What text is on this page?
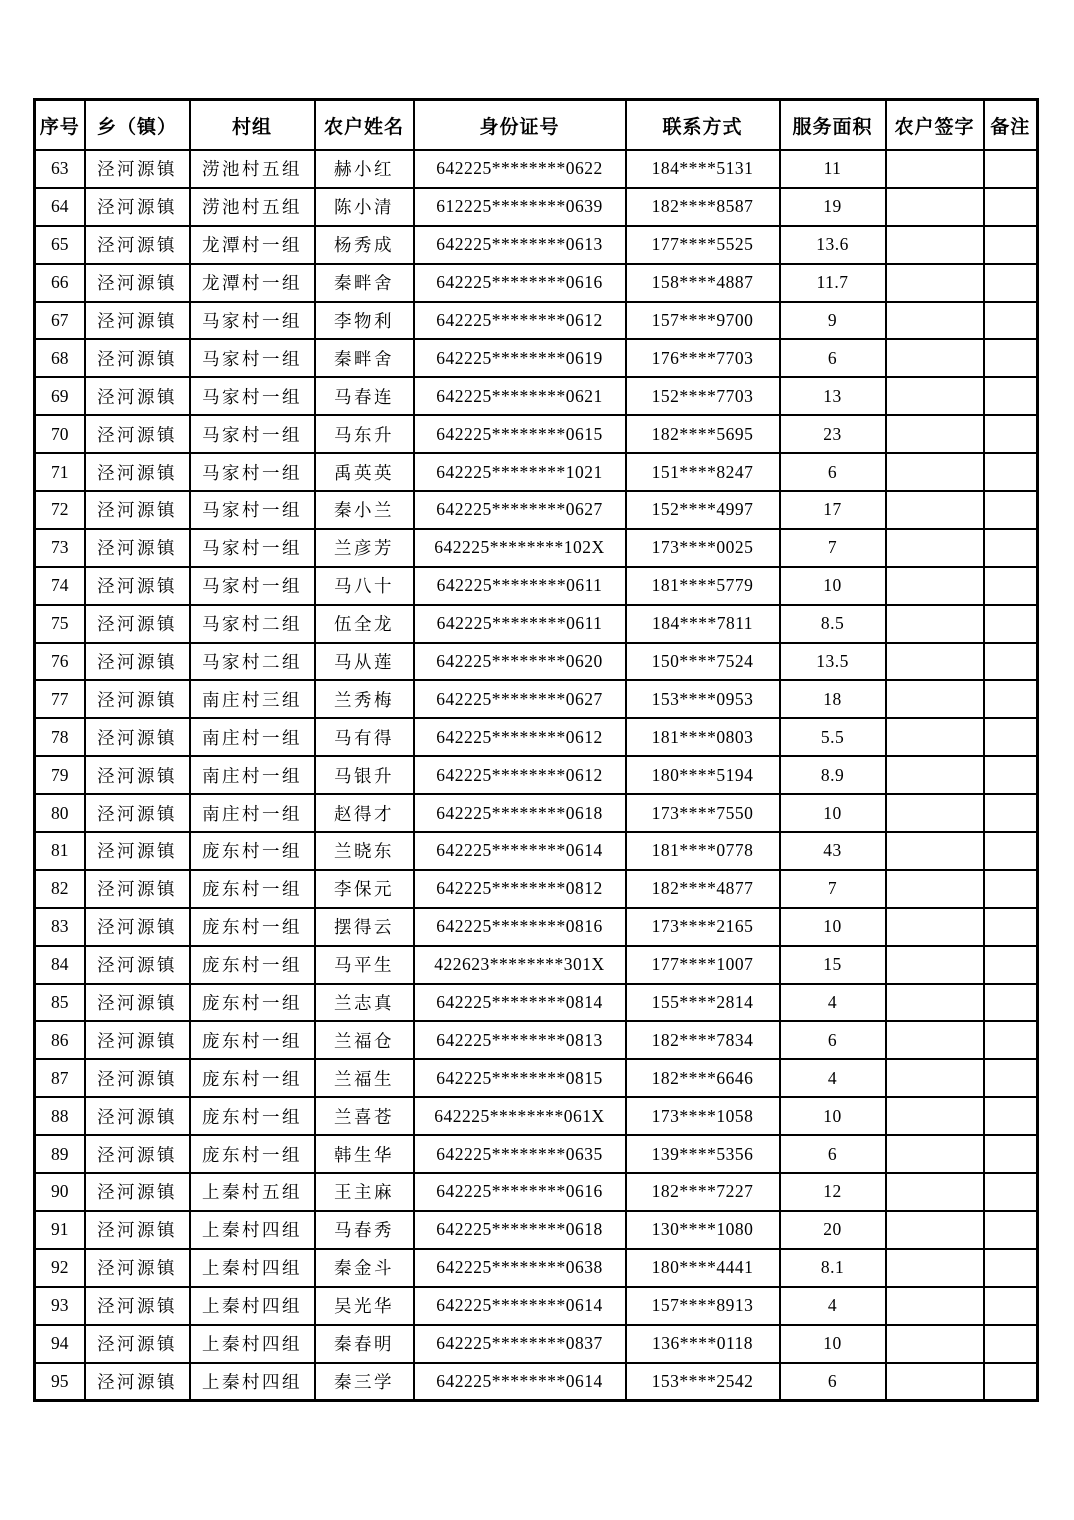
序号	乡（镇）	村组	农户姓名	身份证号	联系方式	服务面积	农户签字	备注
63	泾河源镇	涝池村五组	赫小红	642225********0622	184****5131	11		
64	泾河源镇	涝池村五组	陈小清	612225********0639	182****8587	19		
65	泾河源镇	龙潭村一组	杨秀成	642225********0613	177****5525	13.6		
66	泾河源镇	龙潭村一组	秦畔舍	642225********0616	158****4887	11.7		
67	泾河源镇	马家村一组	李物利	642225********0612	157****9700	9		
68	泾河源镇	马家村一组	秦畔舍	642225********0619	176****7703	6		
69	泾河源镇	马家村一组	马春连	642225********0621	152****7703	13		
70	泾河源镇	马家村一组	马东升	642225********0615	182****5695	23		
71	泾河源镇	马家村一组	禹英英	642225********1021	151****8247	6		
72	泾河源镇	马家村一组	秦小兰	642225********0627	152****4997	17		
73	泾河源镇	马家村一组	兰彦芳	642225********102X	173****0025	7		
74	泾河源镇	马家村一组	马八十	642225********0611	181****5779	10		
75	泾河源镇	马家村二组	伍全龙	642225********0611	184****7811	8.5		
76	泾河源镇	马家村二组	马从莲	642225********0620	150****7524	13.5		
77	泾河源镇	南庄村三组	兰秀梅	642225********0627	153****0953	18		
78	泾河源镇	南庄村一组	马有得	642225********0612	181****0803	5.5		
79	泾河源镇	南庄村一组	马银升	642225********0612	180****5194	8.9		
80	泾河源镇	南庄村一组	赵得才	642225********0618	173****7550	10		
81	泾河源镇	庞东村一组	兰晓东	642225********0614	181****0778	43		
82	泾河源镇	庞东村一组	李保元	642225********0812	182****4877	7		
83	泾河源镇	庞东村一组	摆得云	642225********0816	173****2165	10		
84	泾河源镇	庞东村一组	马平生	422623********301X	177****1007	15		
85	泾河源镇	庞东村一组	兰志真	642225********0814	155****2814	4		
86	泾河源镇	庞东村一组	兰福仓	642225********0813	182****7834	6		
87	泾河源镇	庞东村一组	兰福生	642225********0815	182****6646	4		
88	泾河源镇	庞东村一组	兰喜苍	642225********061X	173****1058	10		
89	泾河源镇	庞东村一组	韩生华	642225********0635	139****5356	6		
90	泾河源镇	上秦村五组	王主麻	642225********0616	182****7227	12		
91	泾河源镇	上秦村四组	马春秀	642225********0618	130****1080	20		
92	泾河源镇	上秦村四组	秦金斗	642225********0638	180****4441	8.1		
93	泾河源镇	上秦村四组	吴光华	642225********0614	157****8913	4		
94	泾河源镇	上秦村四组	秦春明	642225********0837	136****0118	10		
95	泾河源镇	上秦村四组	秦三学	642225********0614	153****2542	6		
